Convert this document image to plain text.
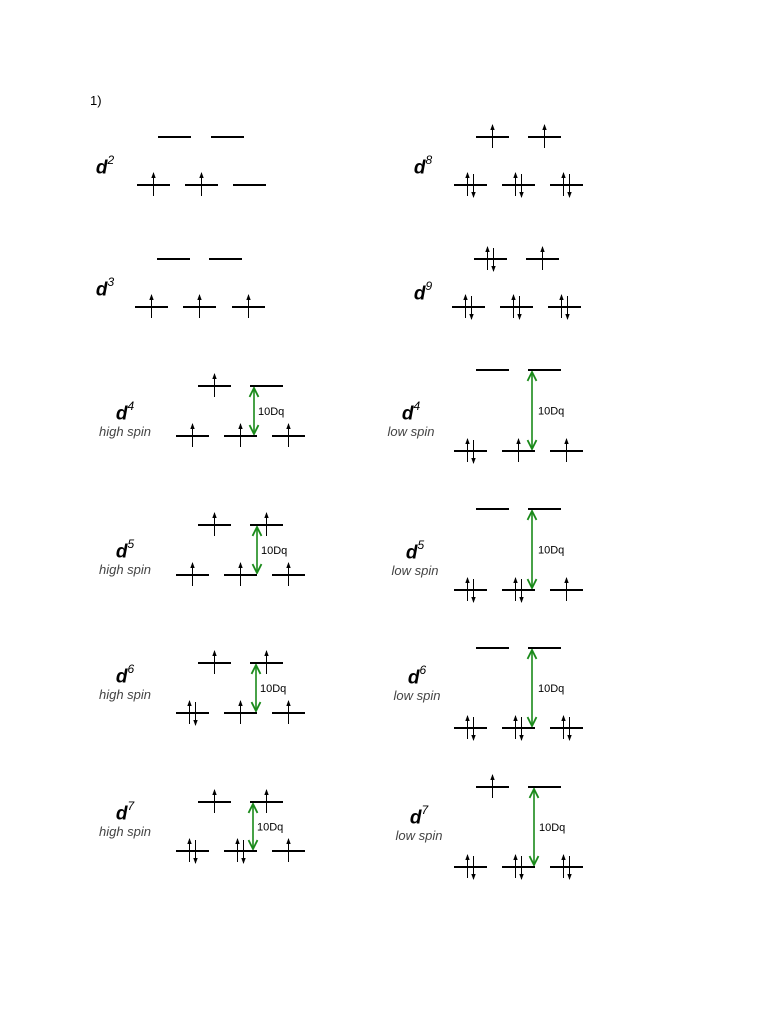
1)
10Dq	10Dq
10Dq	10Dq
10Dq	10Dq
10Dq	10Dq
$d^2$	$d^8$
$d^3$
$d^9$
$d^4$
high spin
$d^4$
low spin
$d^5$
high spin
$d^5$
low spin
$d^6$
high spin
$d^6$
low spin
$d^7$
high spin
$d^7$
low spin
